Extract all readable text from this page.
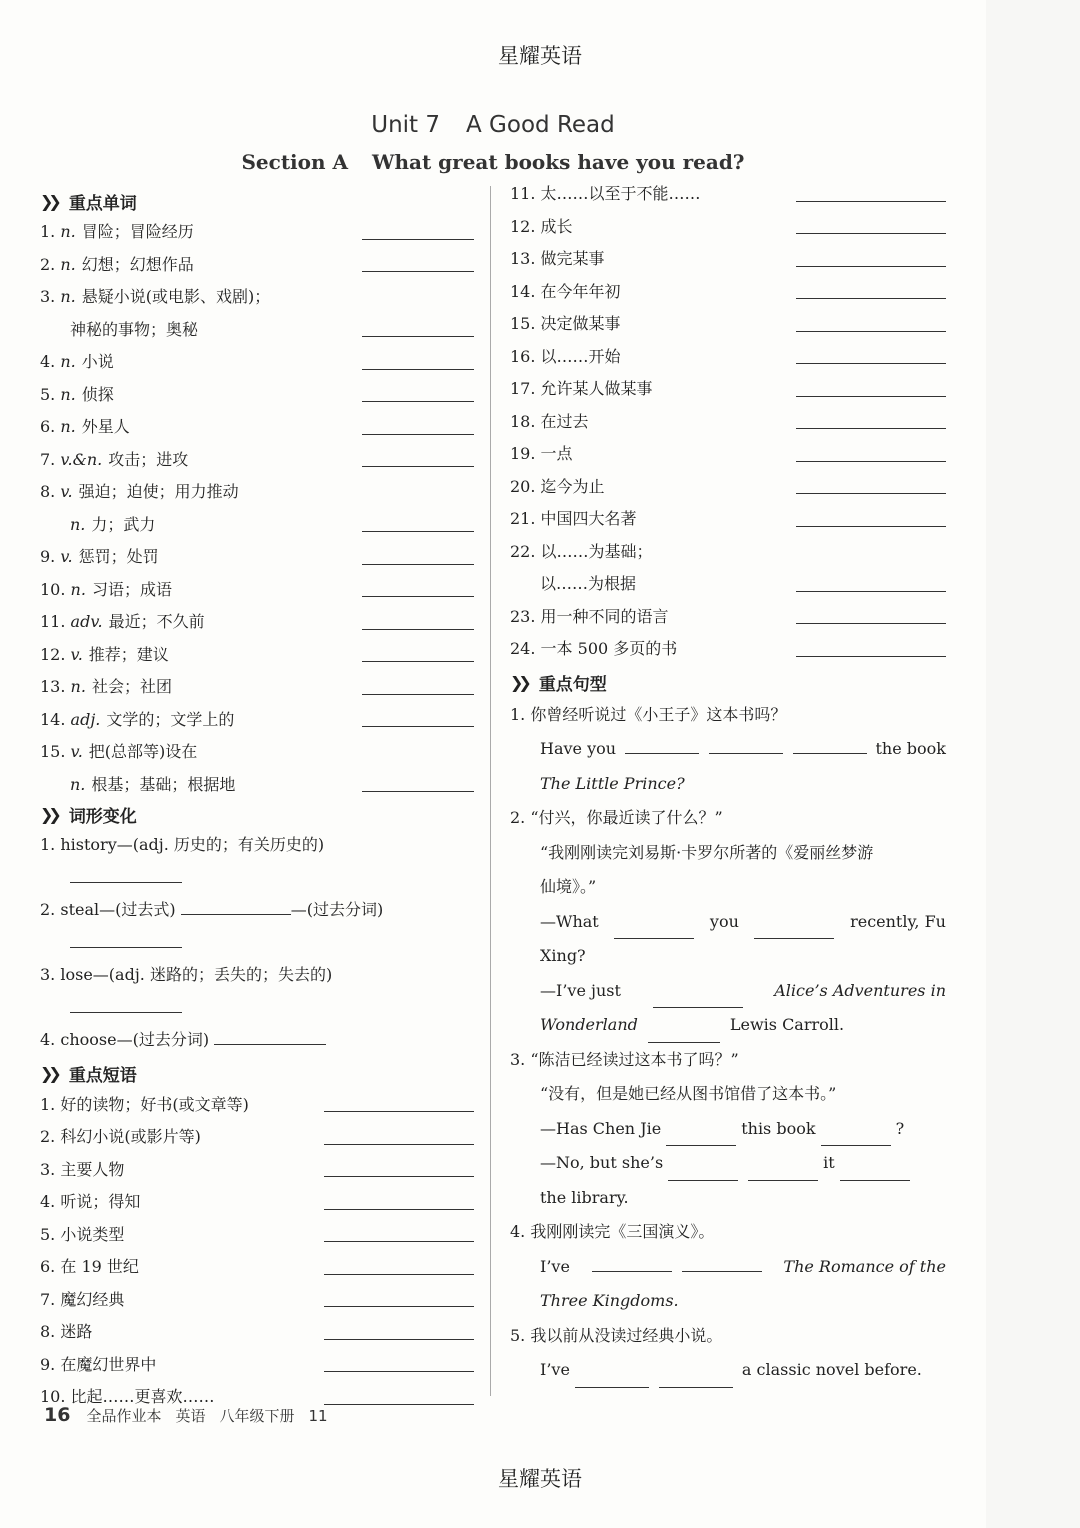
星耀英语
星耀英语
Unit 7 A Good Read
Section A What great books have you read?
❯❯ 重点单词
1. n. 冒险；冒险经历
2. n. 幻想；幻想作品
3. n. 悬疑小说(或电影、戏剧)；
神秘的事物；奥秘
4. n. 小说
5. n. 侦探
6. n. 外星人
7. v.&n. 攻击；进攻
8. v. 强迫；迫使；用力推动
n. 力；武力
9. v. 惩罚；处罚
10. n. 习语；成语
11. adv. 最近；不久前
12. v. 推荐；建议
13. n. 社会；社团
14. adj. 文学的；文学上的
15. v. 把(总部等)设在
n. 根基；基础；根据地
❯❯ 词形变化
1. history—(adj. 历史的；有关历史的)
2. steal—(过去式)	—(过去分词)
3. lose—(adj. 迷路的；丢失的；失去的)
4. choose—(过去分词)
❯❯ 重点短语
1. 好的读物；好书(或文章等)
2. 科幻小说(或影片等)
3. 主要人物
4. 听说；得知
5. 小说类型
6. 在 19 世纪
7. 魔幻经典
8. 迷路
9. 在魔幻世界中
10. 比起……更喜欢……
11. 太……以至于不能……
12. 成长
13. 做完某事
14. 在今年年初
15. 决定做某事
16. 以……开始
17. 允许某人做某事
18. 在过去
19. 一点
20. 迄今为止
21. 中国四大名著
22. 以……为基础；
以……为根据
23. 用一种不同的语言
24. 一本 500 多页的书
❯❯ 重点句型
1. 你曾经听说过《小王子》这本书吗？
Have you	the book
The Little Prince?
2. “付兴，你最近读了什么？”
“我刚刚读完刘易斯·卡罗尔所著的《爱丽丝梦游
仙境》。”
—What	you	recently, Fu
Xing?
—I’ve just	Alice’s Adventures in
Wonderland	Lewis Carroll.
3. “陈洁已经读过这本书了吗？”
“没有，但是她已经从图书馆借了这本书。”
—Has Chen Jie	this book	?
—No, but she’s	it
the library.
4. 我刚刚读完《三国演义》。
I’ve	The Romance of the
Three Kingdoms.
5. 我以前从没读过经典小说。
I’ve	a classic novel before.
16 全品作业本 英语 八年级下册 11
